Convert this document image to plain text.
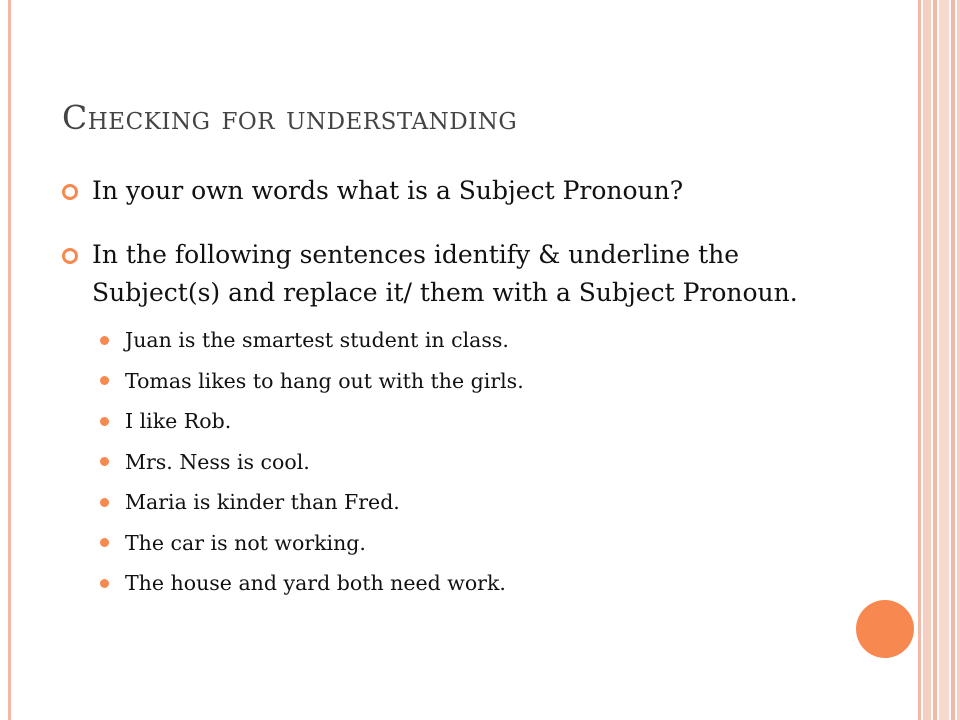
Checking for understanding
In your own words what is a Subject Pronoun?
In the following sentences identify & underline the Subject(s) and replace it/ them with a Subject Pronoun.
Juan is the smartest student in class.
Tomas likes to hang out with the girls.
I like Rob.
Mrs. Ness is cool.
Maria is kinder than Fred.
The car is not working.
The house and yard both need work.
